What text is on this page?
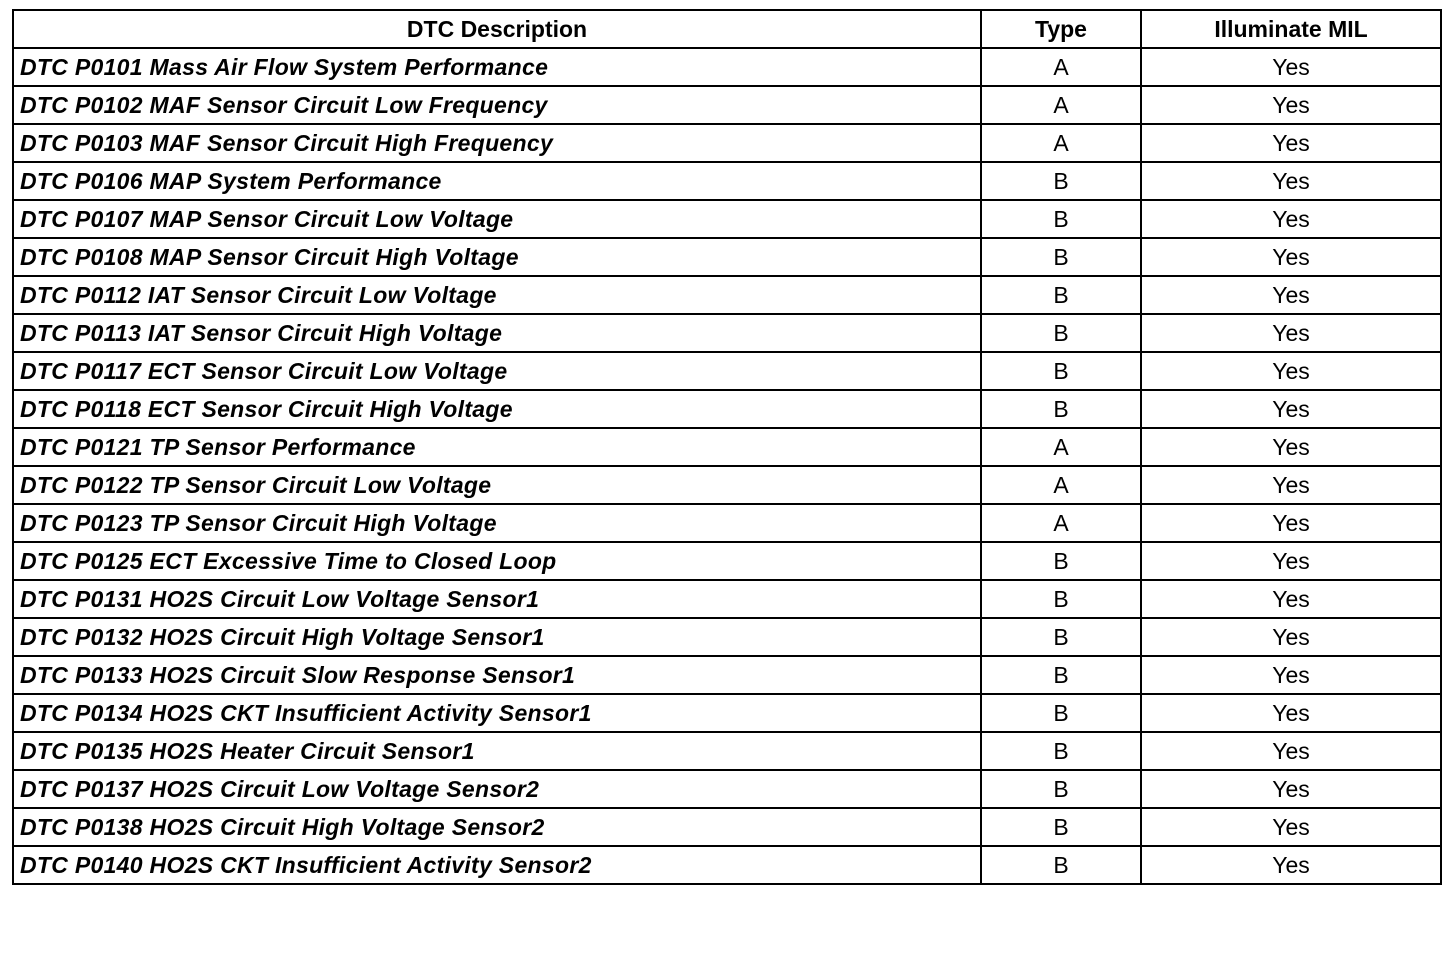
DTC Description	Type	Illuminate MIL
DTC P0101 Mass Air Flow System Performance	A	Yes
DTC P0102 MAF Sensor Circuit Low Frequency	A	Yes
DTC P0103 MAF Sensor Circuit High Frequency	A	Yes
DTC P0106 MAP System Performance	B	Yes
DTC P0107 MAP Sensor Circuit Low Voltage	B	Yes
DTC P0108 MAP Sensor Circuit High Voltage	B	Yes
DTC P0112 IAT Sensor Circuit Low Voltage	B	Yes
DTC P0113 IAT Sensor Circuit High Voltage	B	Yes
DTC P0117 ECT Sensor Circuit Low Voltage	B	Yes
DTC P0118 ECT Sensor Circuit High Voltage	B	Yes
DTC P0121 TP Sensor Performance	A	Yes
DTC P0122 TP Sensor Circuit Low Voltage	A	Yes
DTC P0123 TP Sensor Circuit High Voltage	A	Yes
DTC P0125 ECT Excessive Time to Closed Loop	B	Yes
DTC P0131 HO2S Circuit Low Voltage Sensor1	B	Yes
DTC P0132 HO2S Circuit High Voltage Sensor1	B	Yes
DTC P0133 HO2S Circuit Slow Response Sensor1	B	Yes
DTC P0134 HO2S CKT Insufficient Activity Sensor1	B	Yes
DTC P0135 HO2S Heater Circuit Sensor1	B	Yes
DTC P0137 HO2S Circuit Low Voltage Sensor2	B	Yes
DTC P0138 HO2S Circuit High Voltage Sensor2	B	Yes
DTC P0140 HO2S CKT Insufficient Activity Sensor2	B	Yes
